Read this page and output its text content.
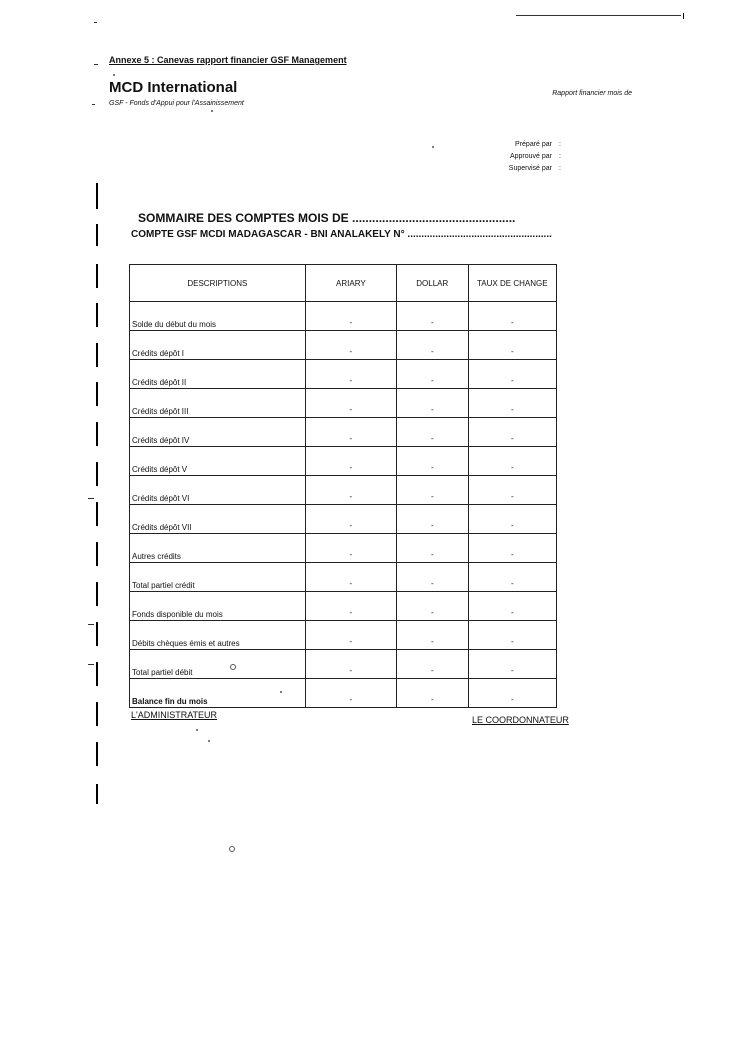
Annexe 5 : Canevas rapport financier GSF Management
MCD International
GSF - Fonds d'Appui pour l'Assainissement
Rapport financier mois de
Préparé par :
Approuvé par :
Supervisé par :
SOMMAIRE DES COMPTES MOIS DE .................................................
COMPTE GSF MCDI MADAGASCAR - BNI ANALAKELY N° ....................................................
DESCRIPTIONS	ARIARY	DOLLAR	TAUX DE CHANGE
Solde du début du mois	-	-	-
Crédits dépôt I	-	-	-
Crédits dépôt II	-	-	-
Crédits dépôt III	-	-	-
Crédits dépôt IV	-	-	-
Crédits dépôt V	-	-	-
Crédits dépôt VI	-	-	-
Crédits dépôt VII	-	-	-
Autres crédits	-	-	-
Total partiel crédit	-	-	-
Fonds disponible du mois	-	-	-
Débits chèques émis et autres	-	-	-
Total partiel débit	-	-	-
Balance fin du mois	-	-	-
L'ADMINISTRATEUR	LE COORDONNATEUR
